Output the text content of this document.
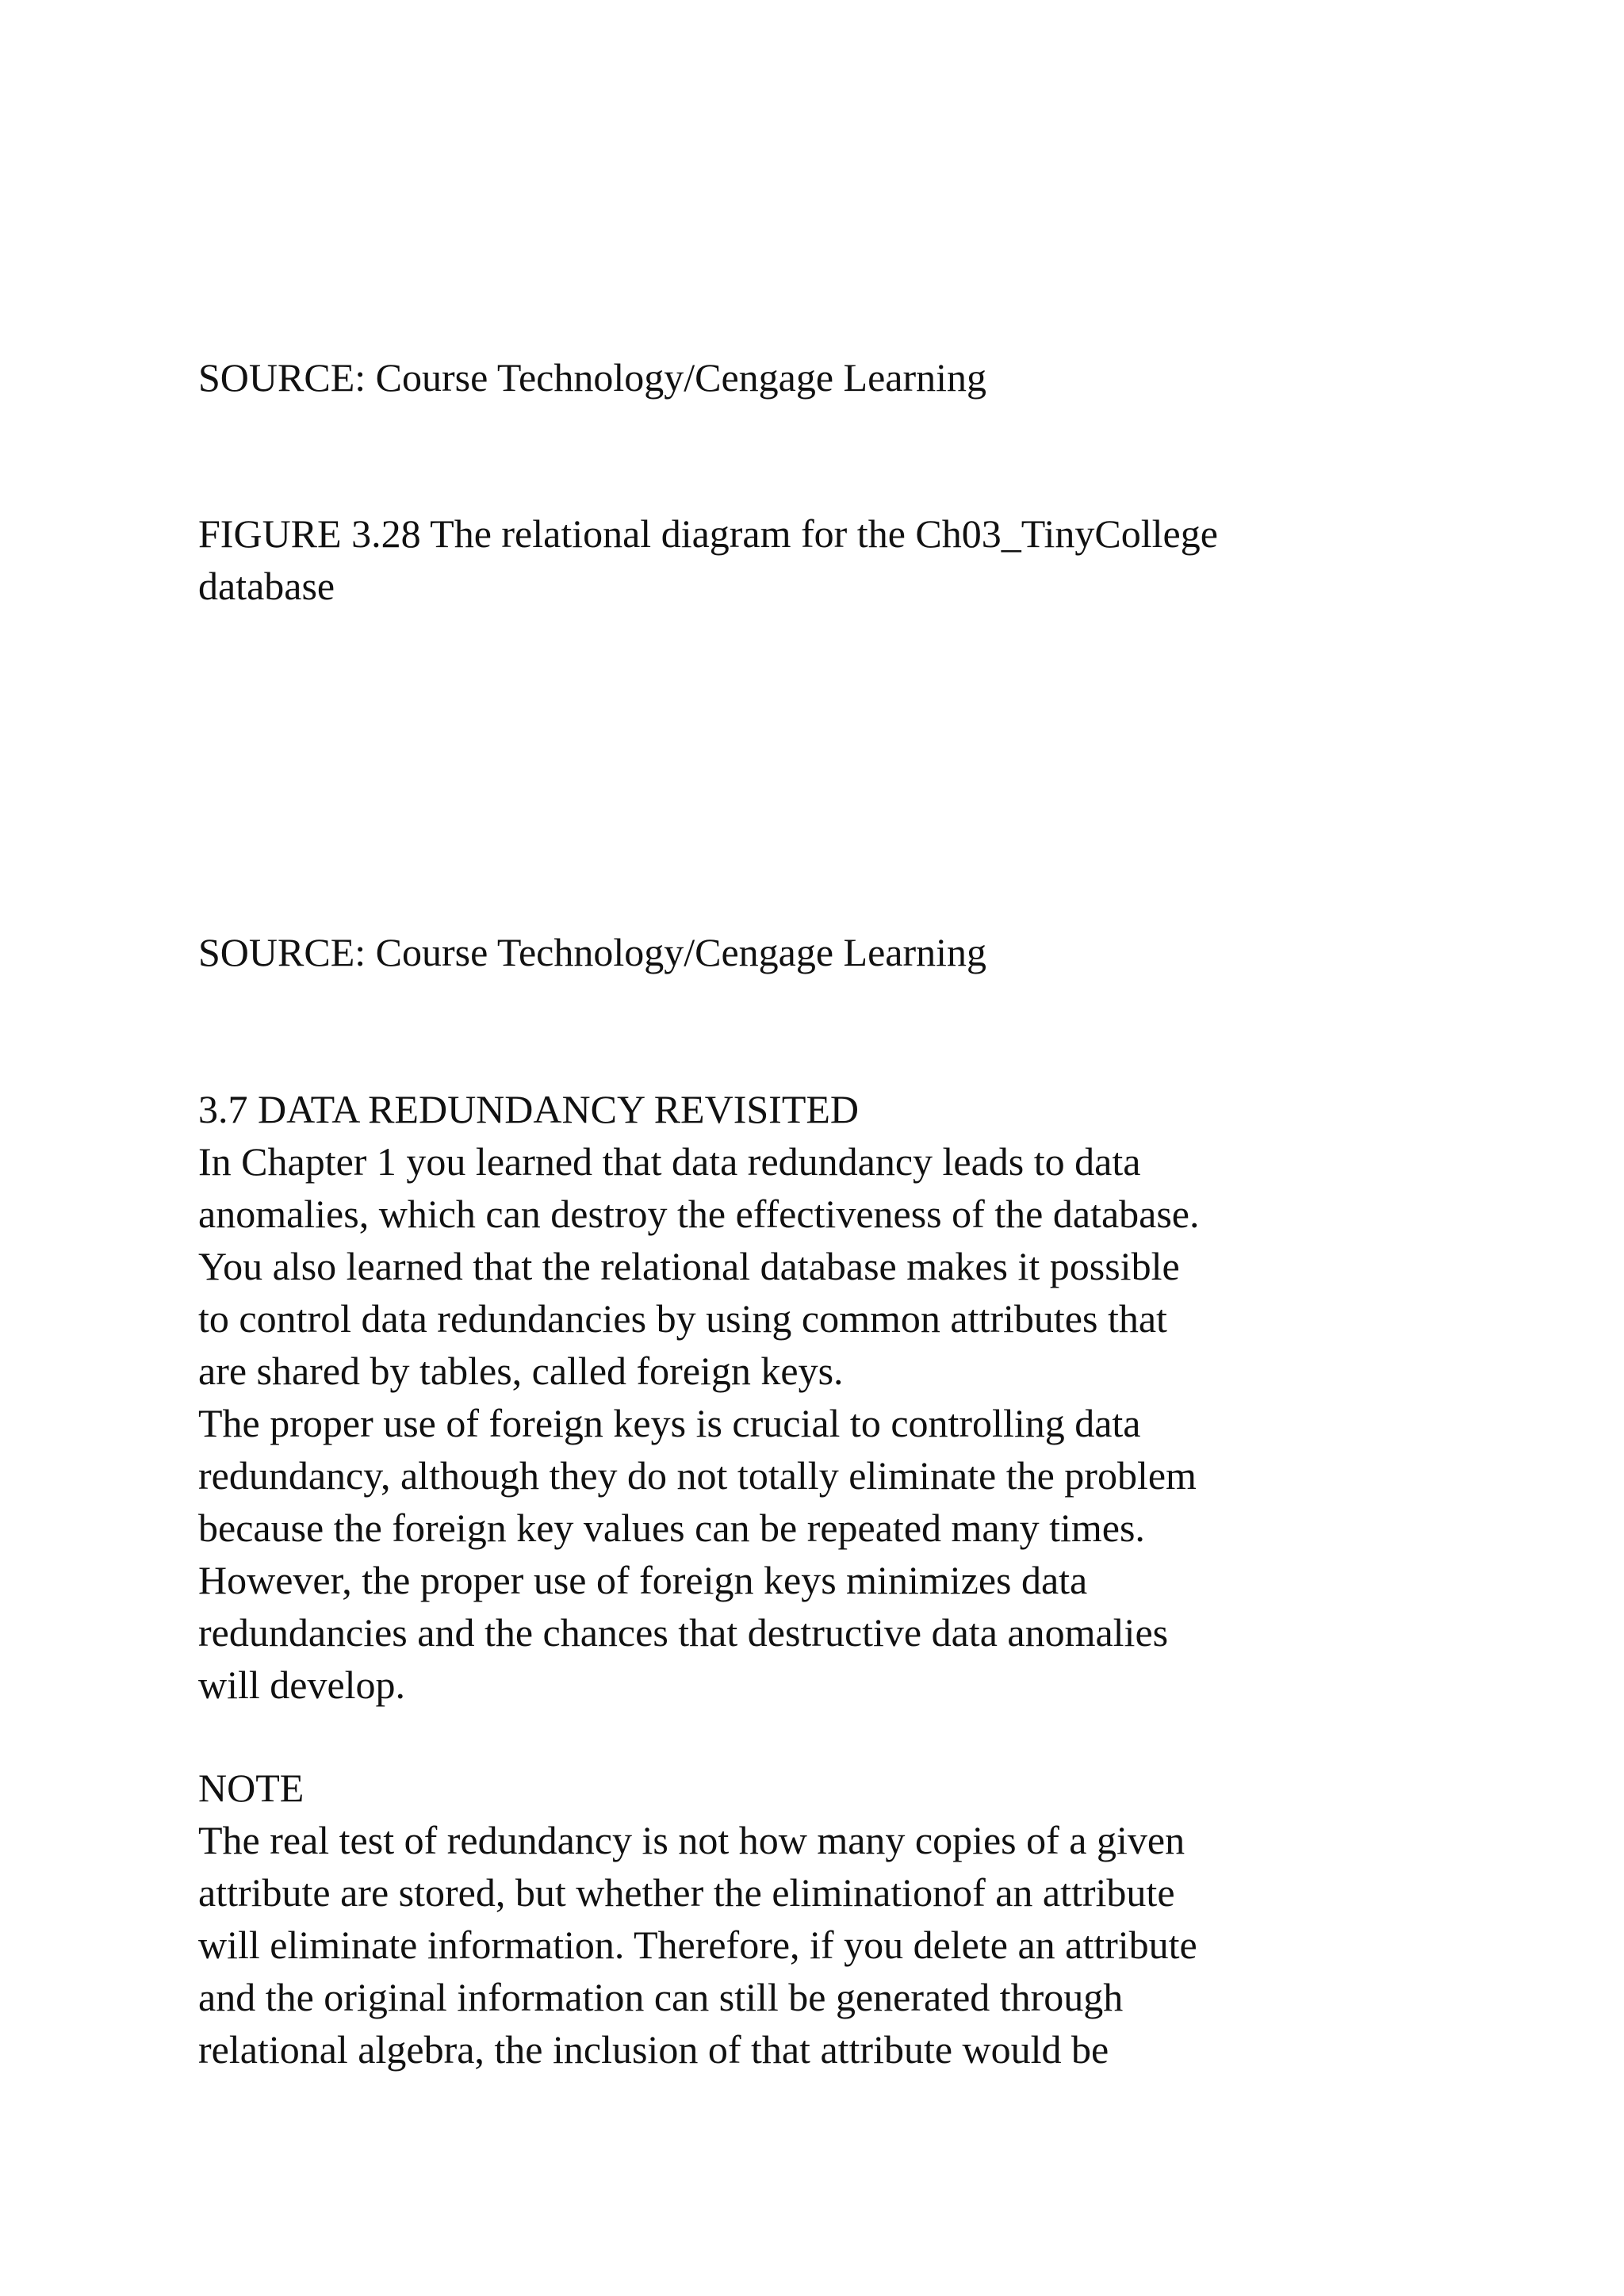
SOURCE: Course Technology/Cengage Learning

FIGURE 3.28 The relational diagram for the Ch03_TinyCollege
database

SOURCE: Course Technology/Cengage Learning

3.7 DATA REDUNDANCY REVISITED

In Chapter 1 you learned that data redundancy leads to data
anomalies, which can destroy the effectiveness of the database.
You also learned that the relational database makes it possible
to control data redundancies by using common attributes that
are shared by tables, called foreign keys.

The proper use of foreign keys is crucial to controlling data
redundancy, although they do not totally eliminate the problem
because the foreign key values can be repeated many times.
However, the proper use of foreign keys minimizes data
redundancies and the chances that destructive data anomalies
will develop.

NOTE

The real test of redundancy is not how many copies of a given
attribute are stored, but whether the eliminationof an attribute
will eliminate information. Therefore, if you delete an attribute
and the original information can still be generated through
relational algebra, the inclusion of that attribute would be
